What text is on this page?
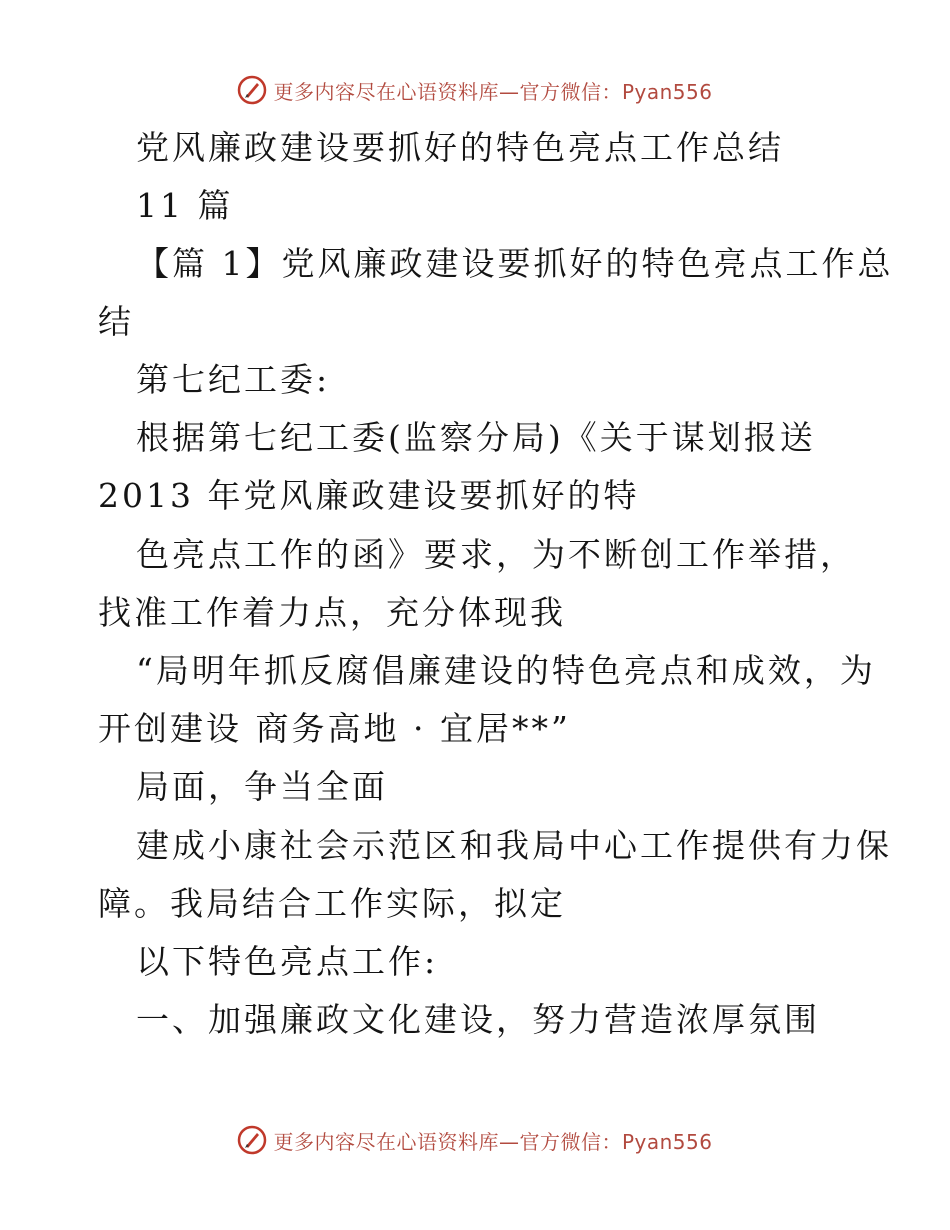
更多内容尽在心语资料库—官方微信：Pyan556
党风廉政建设要抓好的特色亮点工作总结
11 篇
【篇 1】党风廉政建设要抓好的特色亮点工作总
结
第七纪工委:
根据第七纪工委(监察分局)《关于谋划报送
2013 年党风廉政建设要抓好的特
色亮点工作的函》要求，为不断创工作举措，
找准工作着力点，充分体现我
“局明年抓反腐倡廉建设的特色亮点和成效，为
开创建设 商务高地 · 宜居**”
局面，争当全面
建成小康社会示范区和我局中心工作提供有力保
障。我局结合工作实际，拟定
以下特色亮点工作:
一、加强廉政文化建设，努力营造浓厚氛围
更多内容尽在心语资料库—官方微信：Pyan556
